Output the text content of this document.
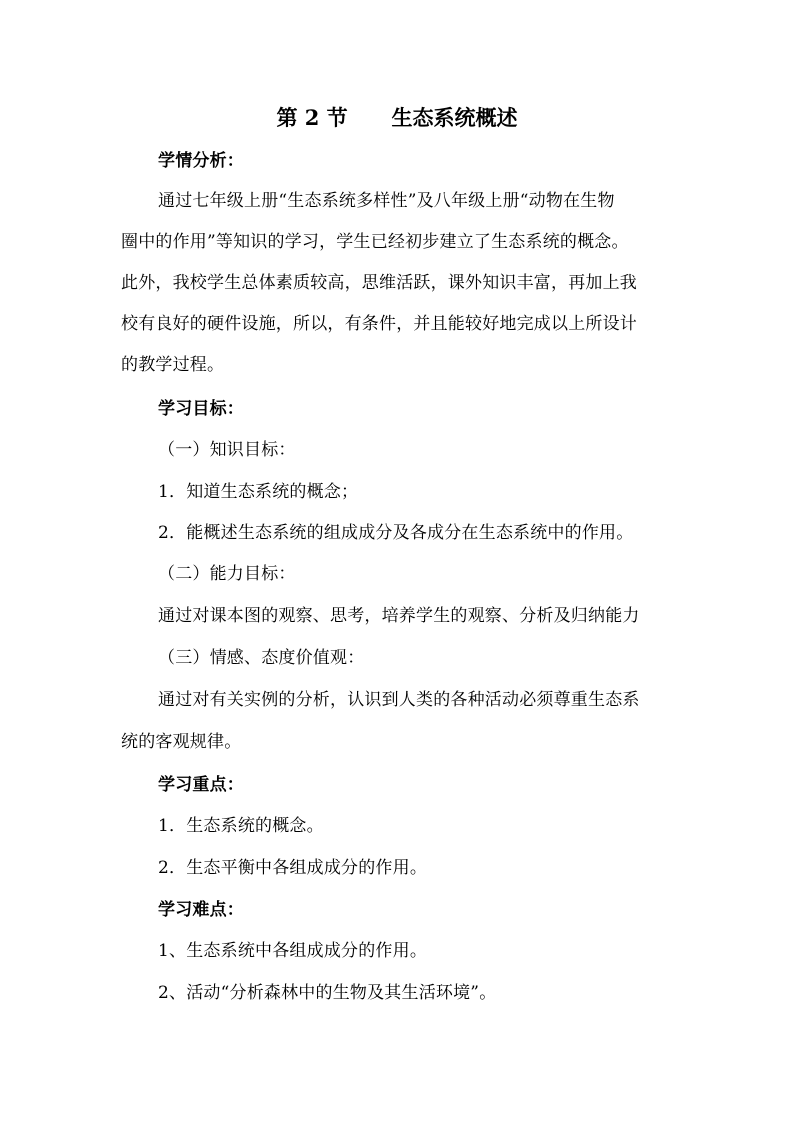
第 2 节      生态系统概述
学情分析：
通过七年级上册“生态系统多样性”及八年级上册“动物在生物
圈中的作用”等知识的学习，学生已经初步建立了生态系统的概念。
此外，我校学生总体素质较高，思维活跃，课外知识丰富，再加上我
校有良好的硬件设施，所以，有条件，并且能较好地完成以上所设计
的教学过程。
学习目标：
（一）知识目标：
1．知道生态系统的概念；
2．能概述生态系统的组成成分及各成分在生态系统中的作用。
（二）能力目标：
通过对课本图的观察、思考，培养学生的观察、分析及归纳能力
（三）情感、态度价值观：
通过对有关实例的分析，认识到人类的各种活动必须尊重生态系
统的客观规律。
学习重点：
1．生态系统的概念。
2．生态平衡中各组成成分的作用。
学习难点：
1、生态系统中各组成成分的作用。
2、活动“分析森林中的生物及其生活环境”。
